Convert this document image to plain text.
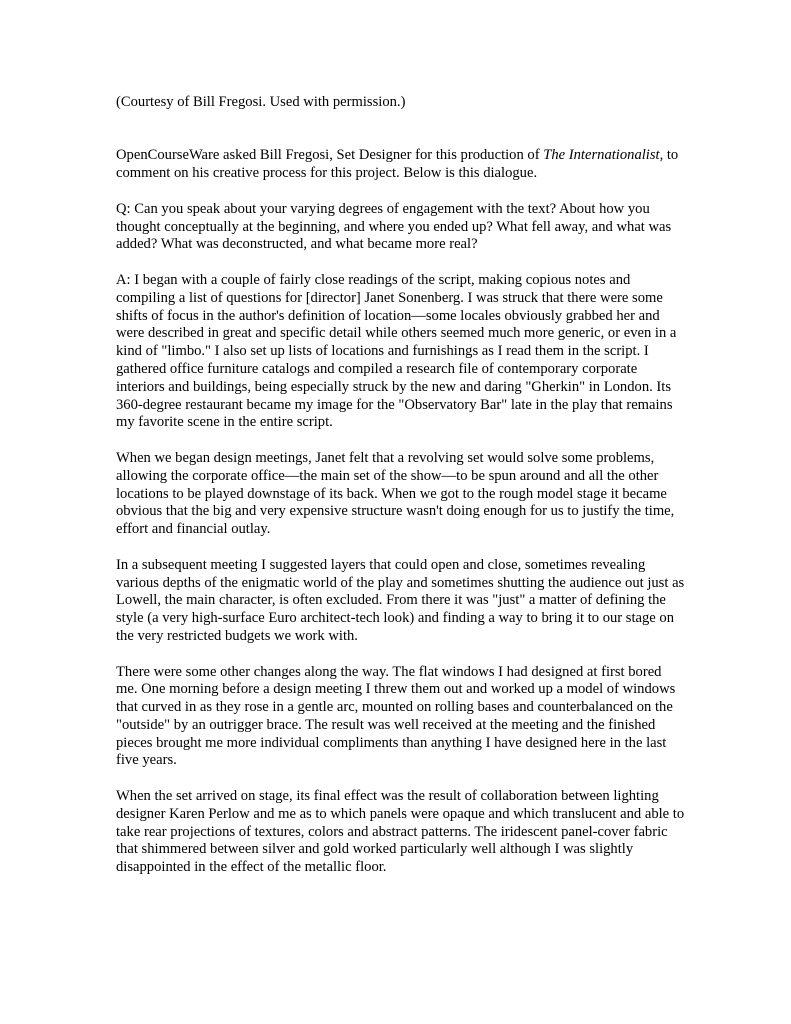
(Courtesy of Bill Fregosi. Used with permission.)

OpenCourseWare asked Bill Fregosi, Set Designer for this production of The Internationalist, to comment on his creative process for this project. Below is this dialogue.

Q: Can you speak about your varying degrees of engagement with the text? About how you thought conceptually at the beginning, and where you ended up? What fell away, and what was added? What was deconstructed, and what became more real?

A: I began with a couple of fairly close readings of the script, making copious notes and compiling a list of questions for [director] Janet Sonenberg. I was struck that there were some shifts of focus in the author's definition of location—some locales obviously grabbed her and were described in great and specific detail while others seemed much more generic, or even in a kind of "limbo." I also set up lists of locations and furnishings as I read them in the script. I gathered office furniture catalogs and compiled a research file of contemporary corporate interiors and buildings, being especially struck by the new and daring "Gherkin" in London. Its 360-degree restaurant became my image for the "Observatory Bar" late in the play that remains my favorite scene in the entire script.

When we began design meetings, Janet felt that a revolving set would solve some problems, allowing the corporate office—the main set of the show—to be spun around and all the other locations to be played downstage of its back. When we got to the rough model stage it became obvious that the big and very expensive structure wasn't doing enough for us to justify the time, effort and financial outlay.

In a subsequent meeting I suggested layers that could open and close, sometimes revealing various depths of the enigmatic world of the play and sometimes shutting the audience out just as Lowell, the main character, is often excluded. From there it was "just" a matter of defining the style (a very high-surface Euro architect-tech look) and finding a way to bring it to our stage on the very restricted budgets we work with.

There were some other changes along the way. The flat windows I had designed at first bored me. One morning before a design meeting I threw them out and worked up a model of windows that curved in as they rose in a gentle arc, mounted on rolling bases and counterbalanced on the "outside" by an outrigger brace. The result was well received at the meeting and the finished pieces brought me more individual compliments than anything I have designed here in the last five years.

When the set arrived on stage, its final effect was the result of collaboration between lighting designer Karen Perlow and me as to which panels were opaque and which translucent and able to take rear projections of textures, colors and abstract patterns. The iridescent panel-cover fabric that shimmered between silver and gold worked particularly well although I was slightly disappointed in the effect of the metallic floor.
